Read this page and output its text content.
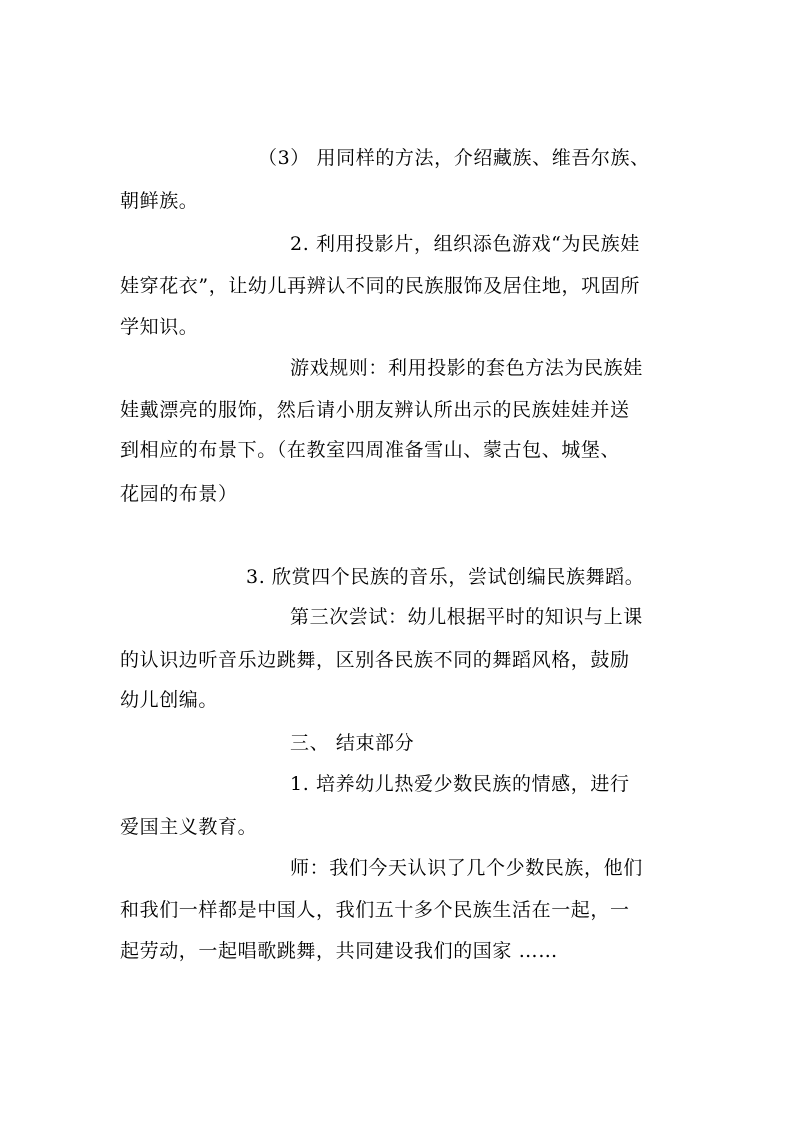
（3） 用同样的方法，介绍藏族、维吾尔族、
朝鲜族。
2. 利用投影片，组织添色游戏“为民族娃
娃穿花衣”，让幼儿再辨认不同的民族服饰及居住地，巩固所
学知识。
游戏规则：利用投影的套色方法为民族娃
娃戴漂亮的服饰，然后请小朋友辨认所出示的民族娃娃并送
到相应的布景下。（在教室四周准备雪山、蒙古包、城堡、
花园的布景）
3. 欣赏四个民族的音乐，尝试创编民族舞蹈。
第三次尝试：幼儿根据平时的知识与上课
的认识边听音乐边跳舞，区别各民族不同的舞蹈风格，鼓励
幼儿创编。
三、 结束部分
1. 培养幼儿热爱少数民族的情感，进行
爱国主义教育。
师：我们今天认识了几个少数民族，他们
和我们一样都是中国人，我们五十多个民族生活在一起，一
起劳动，一起唱歌跳舞，共同建设我们的国家 ……
